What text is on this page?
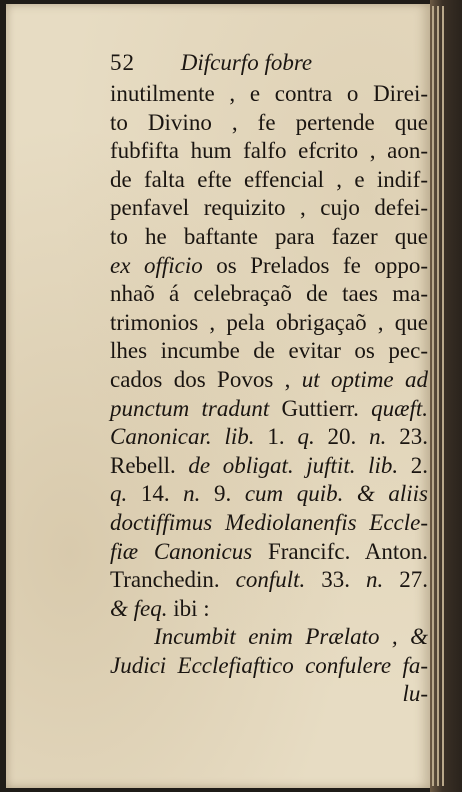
52 Difcurfo fobre
inutilmente , e contra o Direi-
to Divino , fe pertende que
fubfifta hum falfo efcrito , aon-
de falta efte effencial , e indif-
penfavel requizito , cujo defei-
to he baftante para fazer que
ex officio os Prelados fe oppo-
nhaõ á celebraçaõ de taes ma-
trimonios , pela obrigaçaõ , que
lhes incumbe de evitar os pec-
cados dos Povos , ut optime ad
punctum tradunt Guttierr. quæft.
Canonicar. lib. 1. q. 20. n. 23.
Rebell. de obligat. juftit. lib. 2.
q. 14. n. 9. cum quib. & aliis
doctiffimus Mediolanenfis Eccle-
fiæ Canonicus Francifc. Anton.
Tranchedin. confult. 33. n. 27.
& feq. ibi :
Incumbit enim Prælato , &
Judici Ecclefiaftico confulere fa-
lu-
